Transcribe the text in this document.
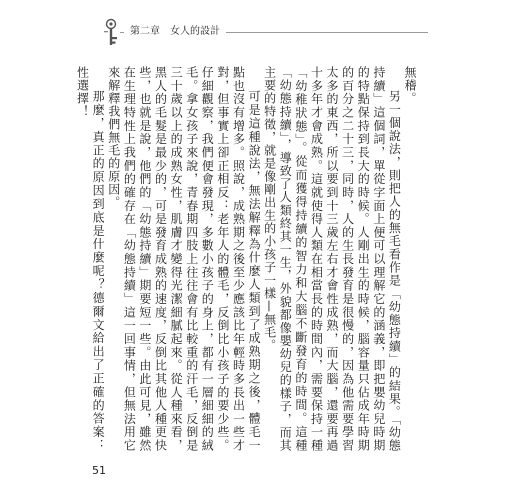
第二章　女人的設計

無稽。

另一個說法，則把人的無毛看作是「幼態持續」的結果。「幼態持續」這個詞，單從字面上便可以理解它的涵義，即把嬰幼兒時期的特點保持到長大的時候。人剛出生的時候，腦容量只佔成年時期的百分之二十三，同時，人的生長發育是很慢的，因為他需要學習太多的東西，所以要到十三歲左右才會性成熟，而大腦，還要再過十多年才會成熟。這就使得人類在相當長的時間內，需要保持一種「幼稚狀態」。從而獲得持續的智力和大腦不斷發育的時間。這種「幼態持續」，導致了人類終其一生，外貌都像嬰幼兒的樣子，而其主要的特徵，就是像剛出生的小孩子一樣—無毛。

可是這種說法，無法解釋為什麼人類到了成熟期之後，體毛一點也沒有增多。照說，成熟期之後至少應該比年輕時多長出一些才對，但事實上卻正相反：老年人的體毛，反倒比小孩子的要少些。仔細觀察，我們便會發現，多數小孩子的身上，都有一層細細的絨毛。拿女孩子來說，青春期四肢上往往會有比較重的汗毛，反倒是三十歲以上的成熟女性，肌膚才變得光潔細膩起來。從人種來看，黑人的毛髮是最少的，可是發育成熟的速度，反倒比其他人種更快些，也就是說，他們的「幼態持續」期要短一些。由此可見，雖然在生理特性上我們的確存在「幼態持續」這一回事情，但無法用它來解釋我們無毛的原因。

那麼，真正的原因到底是什麼呢？德爾文給出了正確的答案：性選擇！

51
